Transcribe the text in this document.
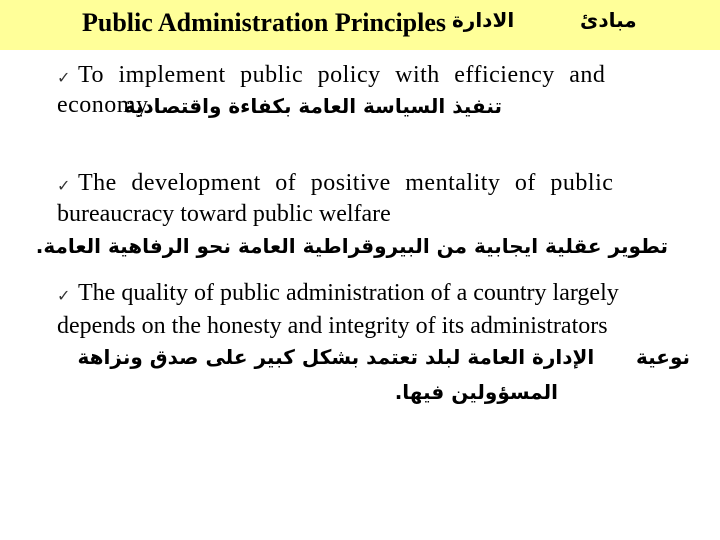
Public Administration Principles الادارة	مبادئ
✓ To implement public policy with efficiency and
economy.
تنفيذ السياسة العامة بكفاءة واقتصادية
✓ The development of positive mentality of public
bureaucracy toward public welfare
تطوير عقلية ايجابية من البيروقراطية العامة نحو الرفاهية العامة.
✓ The quality of public administration of a country largely
depends on the honesty and integrity of its administrators
نوعية      الإدارة العامة لبلد تعتمد بشكل كبير على صدق ونزاهة
المسؤولين فيها.
